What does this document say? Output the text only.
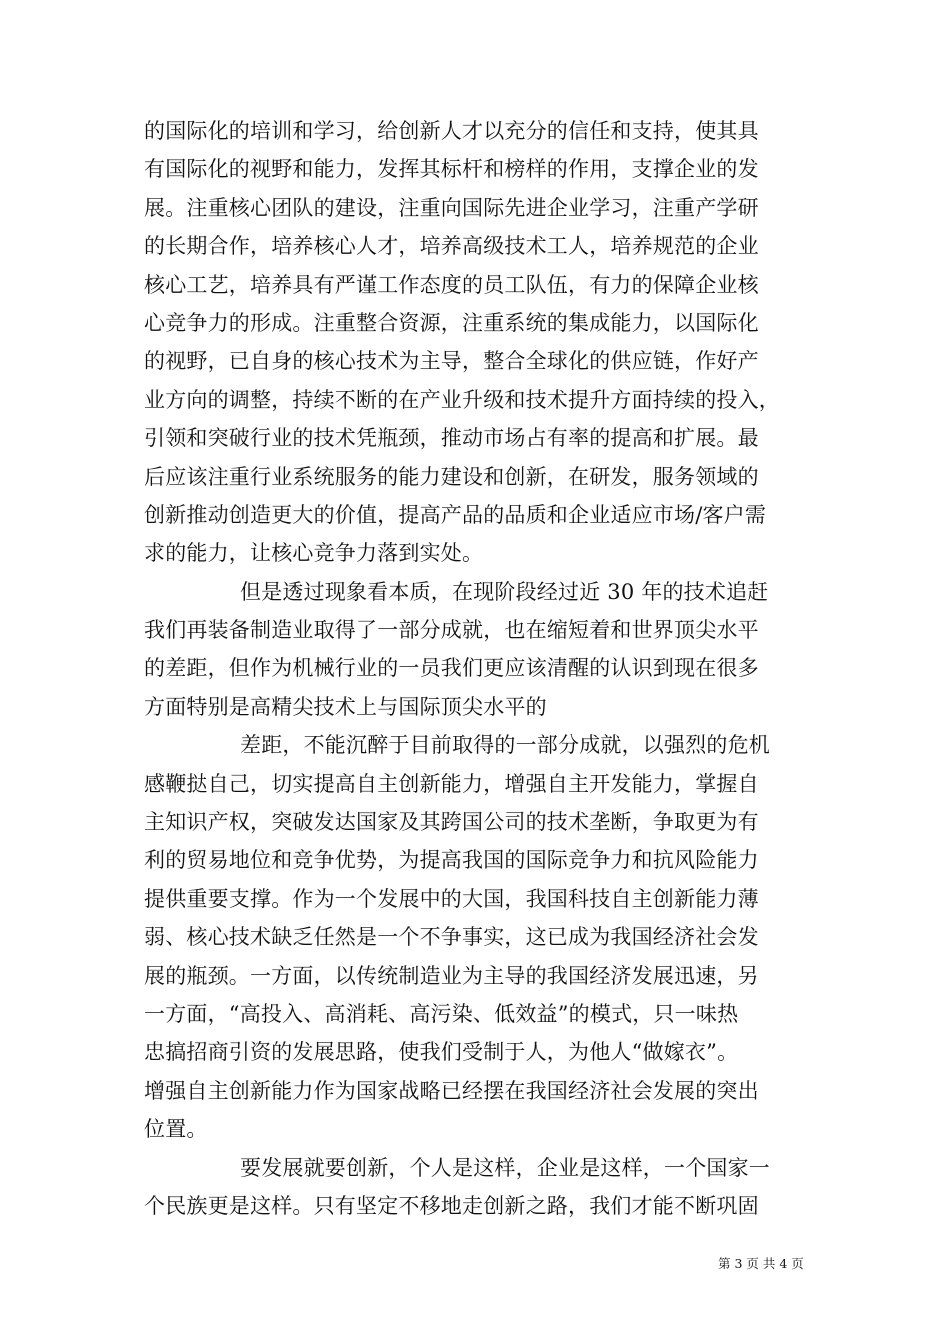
的国际化的培训和学习，给创新人才以充分的信任和支持，使其具
有国际化的视野和能力，发挥其标杆和榜样的作用，支撑企业的发
展。注重核心团队的建设，注重向国际先进企业学习，注重产学研
的长期合作，培养核心人才，培养高级技术工人，培养规范的企业
核心工艺，培养具有严谨工作态度的员工队伍，有力的保障企业核
心竞争力的形成。注重整合资源，注重系统的集成能力，以国际化
的视野，已自身的核心技术为主导，整合全球化的供应链，作好产
业方向的调整，持续不断的在产业升级和技术提升方面持续的投入，
引领和突破行业的技术凭瓶颈，推动市场占有率的提高和扩展。最
后应该注重行业系统服务的能力建设和创新，在研发，服务领域的
创新推动创造更大的价值，提高产品的品质和企业适应市场/客户需
求的能力，让核心竞争力落到实处。
但是透过现象看本质，在现阶段经过近 30 年的技术追赶
我们再装备制造业取得了一部分成就，也在缩短着和世界顶尖水平
的差距，但作为机械行业的一员我们更应该清醒的认识到现在很多
方面特别是高精尖技术上与国际顶尖水平的
差距，不能沉醉于目前取得的一部分成就，以强烈的危机
感鞭挞自己，切实提高自主创新能力，增强自主开发能力，掌握自
主知识产权，突破发达国家及其跨国公司的技术垄断，争取更为有
利的贸易地位和竞争优势，为提高我国的国际竞争力和抗风险能力
提供重要支撑。作为一个发展中的大国，我国科技自主创新能力薄
弱、核心技术缺乏任然是一个不争事实，这已成为我国经济社会发
展的瓶颈。一方面，以传统制造业为主导的我国经济发展迅速，另
一方面，“高投入、高消耗、高污染、低效益”的模式，只一味热
忠搞招商引资的发展思路，使我们受制于人，为他人“做嫁衣”。
增强自主创新能力作为国家战略已经摆在我国经济社会发展的突出
位置。
要发展就要创新，个人是这样，企业是这样，一个国家一
个民族更是这样。只有坚定不移地走创新之路，我们才能不断巩固
第 3 页 共 4 页
